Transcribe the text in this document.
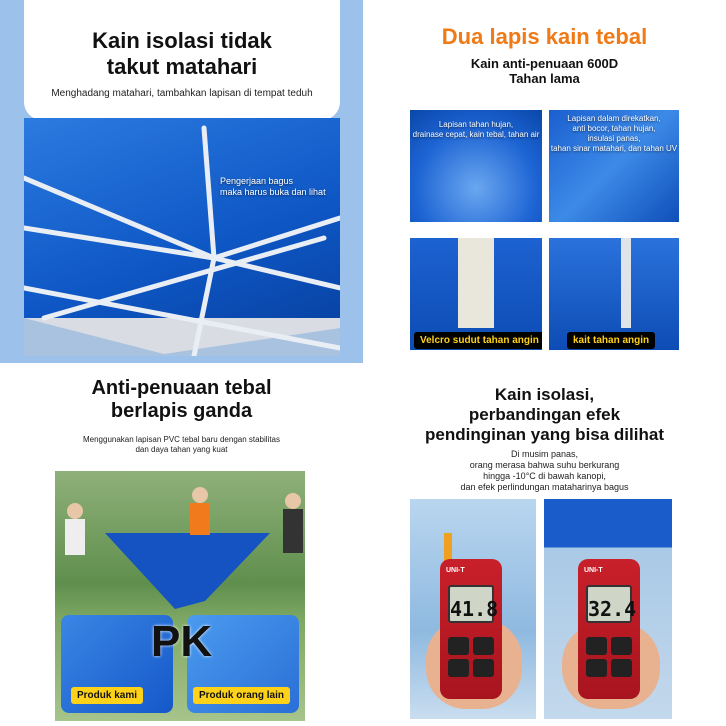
Kain isolasi tidak
takut matahari
Menghadang matahari, tambahkan lapisan di tempat teduh
Pengerjaan bagus
maka harus buka dan lihat
Dua lapis kain tebal
Kain anti-penuaan 600D
Tahan lama
Lapisan tahan hujan,
drainase cepat, kain tebal, tahan air
Lapisan dalam direkatkan,
anti bocor, tahan hujan,
insulasi panas,
tahan sinar matahari, dan tahan UV
Velcro sudut tahan angin	kait tahan angin
Anti-penuaan tebal
berlapis ganda
Menggunakan lapisan PVC tebal baru dengan stabilitas
dan daya tahan yang kuat
Produk kami	Produk orang lain
PK
Kain isolasi,
perbandingan efek
pendinginan yang bisa dilihat
Di musim panas,
orang merasa bahwa suhu berkurang
hingga -10°C di bawah kanopi,
dan efek perlindungan mataharinya bagus
UNI-T
41.8
UNI-T
32.4
